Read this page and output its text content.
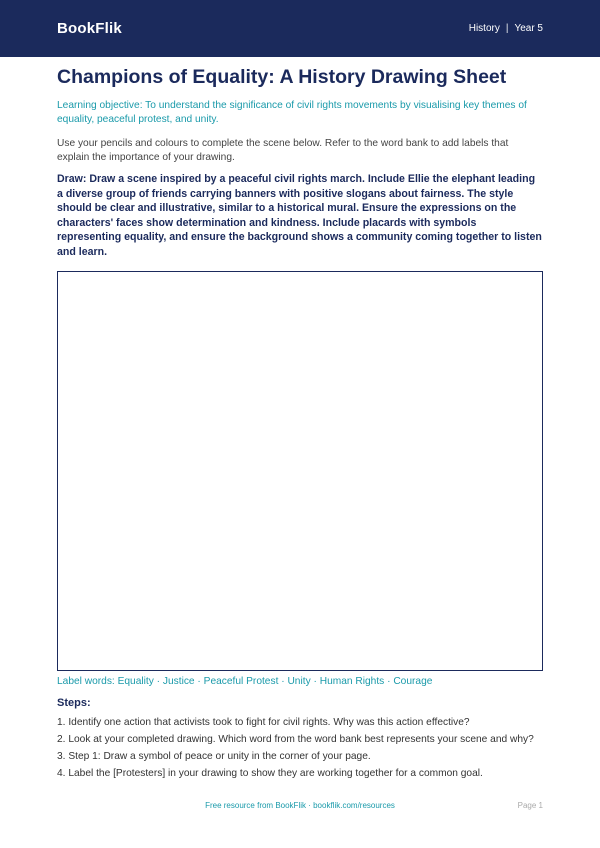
BookFlik	History | Year 5
Champions of Equality: A History Drawing Sheet

Learning objective: To understand the significance of civil rights movements by visualising key themes of equality, peaceful protest, and unity.

Use your pencils and colours to complete the scene below. Refer to the word bank to add labels that explain the importance of your drawing.

Draw: Draw a scene inspired by a peaceful civil rights march. Include Ellie the elephant leading a diverse group of friends carrying banners with positive slogans about fairness. The style should be clear and illustrative, similar to a historical mural. Ensure the expressions on the characters' faces show determination and kindness. Include placards with symbols representing equality, and ensure the background shows a community coming together to listen and learn.

Label words: Equality · Justice · Peaceful Protest · Unity · Human Rights · Courage

Steps:
1. Identify one action that activists took to fight for civil rights. Why was this action effective?
2. Look at your completed drawing. Which word from the word bank best represents your scene and why?
3. Step 1: Draw a symbol of peace or unity in the corner of your page.
4. Label the [Protesters] in your drawing to show they are working together for a common goal.
Free resource from BookFlik · bookflik.com/resources	Page 1
